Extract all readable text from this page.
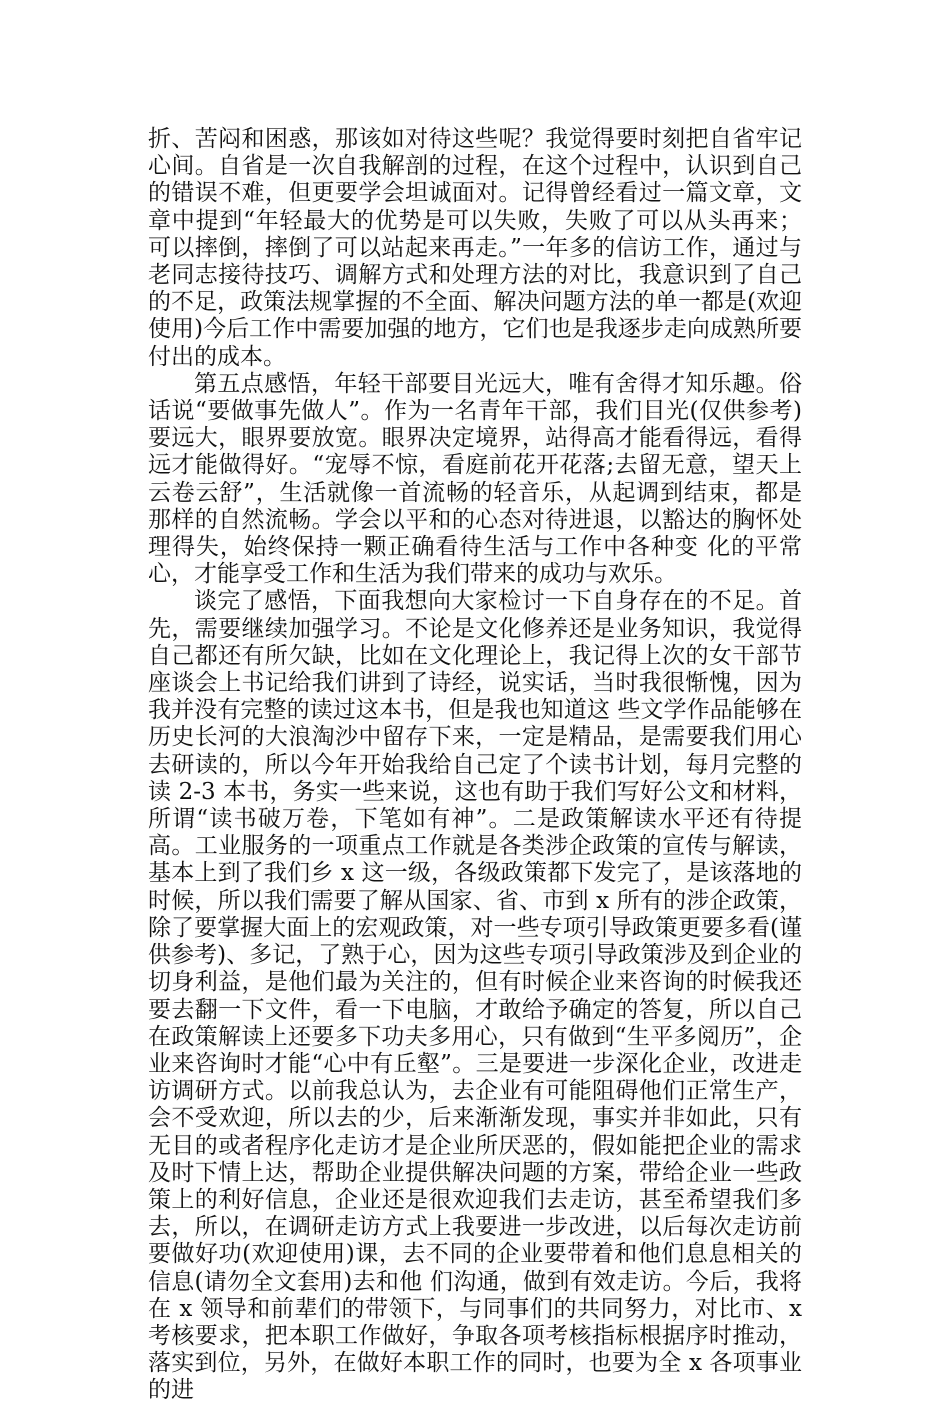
折、苦闷和困惑，那该如对待这些呢？我觉得要时刻把自省牢记心间。自省是一次自我解剖的过程，在这个过程中，认识到自己的错误不难，但更要学会坦诚面对。记得曾经看过一篇文章，文章中提到“年轻最大的优势是可以失败，失败了可以从头再来；可以摔倒，摔倒了可以站起来再走。”一年多的信访工作，通过与老同志接待技巧、调解方式和处理方法的对比，我意识到了自己的不足，政策法规掌握的不全面、解决问题方法的单一都是(欢迎使用)今后工作中需要加强的地方，它们也是我逐步走向成熟所要付出的成本。

第五点感悟，年轻干部要目光远大，唯有舍得才知乐趣。俗话说“要做事先做人”。作为一名青年干部，我们目光(仅供参考)要远大，眼界要放宽。眼界决定境界，站得高才能看得远，看得远才能做得好。“宠辱不惊，看庭前花开花落;去留无意，望天上云卷云舒”，生活就像一首流畅的轻音乐，从起调到结束，都是那样的自然流畅。学会以平和的心态对待进退，以豁达的胸怀处理得失，始终保持一颗正确看待生活与工作中各种变 化的平常心，才能享受工作和生活为我们带来的成功与欢乐。

谈完了感悟，下面我想向大家检讨一下自身存在的不足。首先，需要继续加强学习。不论是文化修养还是业务知识，我觉得自己都还有所欠缺，比如在文化理论上，我记得上次的女干部节座谈会上书记给我们讲到了诗经，说实话，当时我很惭愧，因为我并没有完整的读过这本书，但是我也知道这 些文学作品能够在历史长河的大浪淘沙中留存下来，一定是精品，是需要我们用心去研读的，所以今年开始我给自己定了个读书计划，每月完整的读 2-3 本书，务实一些来说，这也有助于我们写好公文和材料，所谓“读书破万卷，下笔如有神”。二是政策解读水平还有待提高。工业服务的一项重点工作就是各类涉企政策的宣传与解读，基本上到了我们乡 x 这一级，各级政策都下发完了，是该落地的时候，所以我们需要了解从国家、省、市到 x 所有的涉企政策，除了要掌握大面上的宏观政策，对一些专项引导政策更要多看(谨供参考)、多记，了熟于心，因为这些专项引导政策涉及到企业的切身利益，是他们最为关注的，但有时候企业来咨询的时候我还要去翻一下文件，看一下电脑，才敢给予确定的答复，所以自己在政策解读上还要多下功夫多用心，只有做到“生平多阅历”，企业来咨询时才能“心中有丘壑”。三是要进一步深化企业，改进走访调研方式。以前我总认为，去企业有可能阻碍他们正常生产，会不受欢迎，所以去的少，后来渐渐发现，事实并非如此，只有无目的或者程序化走访才是企业所厌恶的，假如能把企业的需求及时下情上达，帮助企业提供解决问题的方案，带给企业一些政策上的利好信息，企业还是很欢迎我们去走访，甚至希望我们多去，所以，在调研走访方式上我要进一步改进，以后每次走访前要做好功(欢迎使用)课，去不同的企业要带着和他们息息相关的信息(请勿全文套用)去和他 们沟通，做到有效走访。今后，我将在 x 领导和前辈们的带领下，与同事们的共同努力，对比市、x 考核要求，把本职工作做好，争取各项考核指标根据序时推动，落实到位，另外，在做好本职工作的同时，也要为全 x 各项事业的进
